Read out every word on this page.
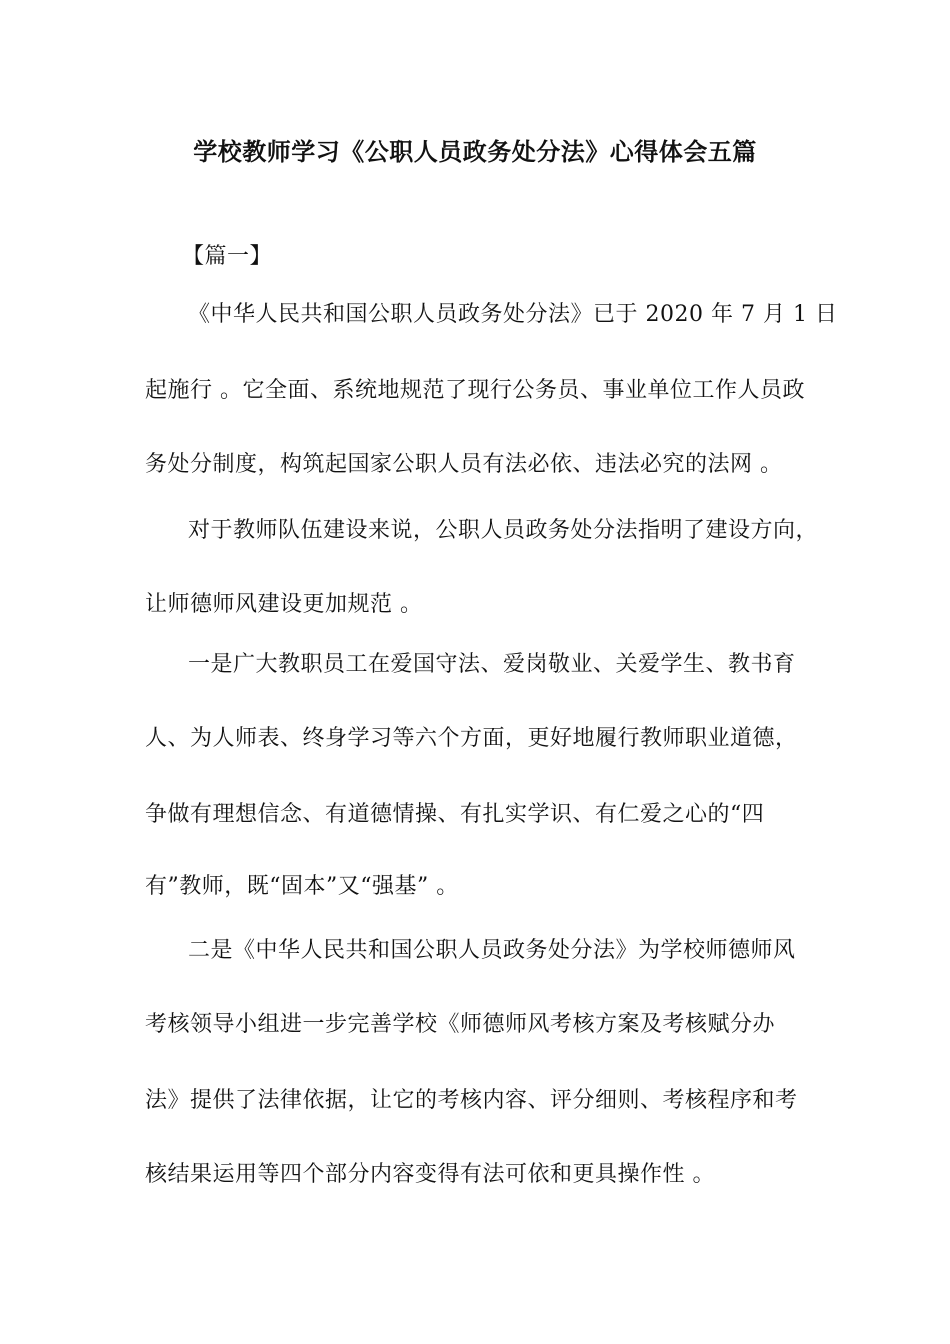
学校教师学习《公职人员政务处分法》心得体会五篇
【篇一】
《中华人民共和国公职人员政务处分法》已于 2020 年 7 月 1 日
起施行 。它全面、系统地规范了现行公务员、事业单位工作人员政
务处分制度，构筑起国家公职人员有法必依、违法必究的法网 。
对于教师队伍建设来说，公职人员政务处分法指明了建设方向，
让师德师风建设更加规范 。
一是广大教职员工在爱国守法、爱岗敬业、关爱学生、教书育
人、为人师表、终身学习等六个方面，更好地履行教师职业道德，
争做有理想信念、有道德情操、有扎实学识、有仁爱之心的“四
有”教师，既“固本”又“强基” 。
二是《中华人民共和国公职人员政务处分法》为学校师德师风
考核领导小组进一步完善学校《师德师风考核方案及考核赋分办
法》提供了法律依据，让它的考核内容、评分细则、考核程序和考
核结果运用等四个部分内容变得有法可依和更具操作性 。
